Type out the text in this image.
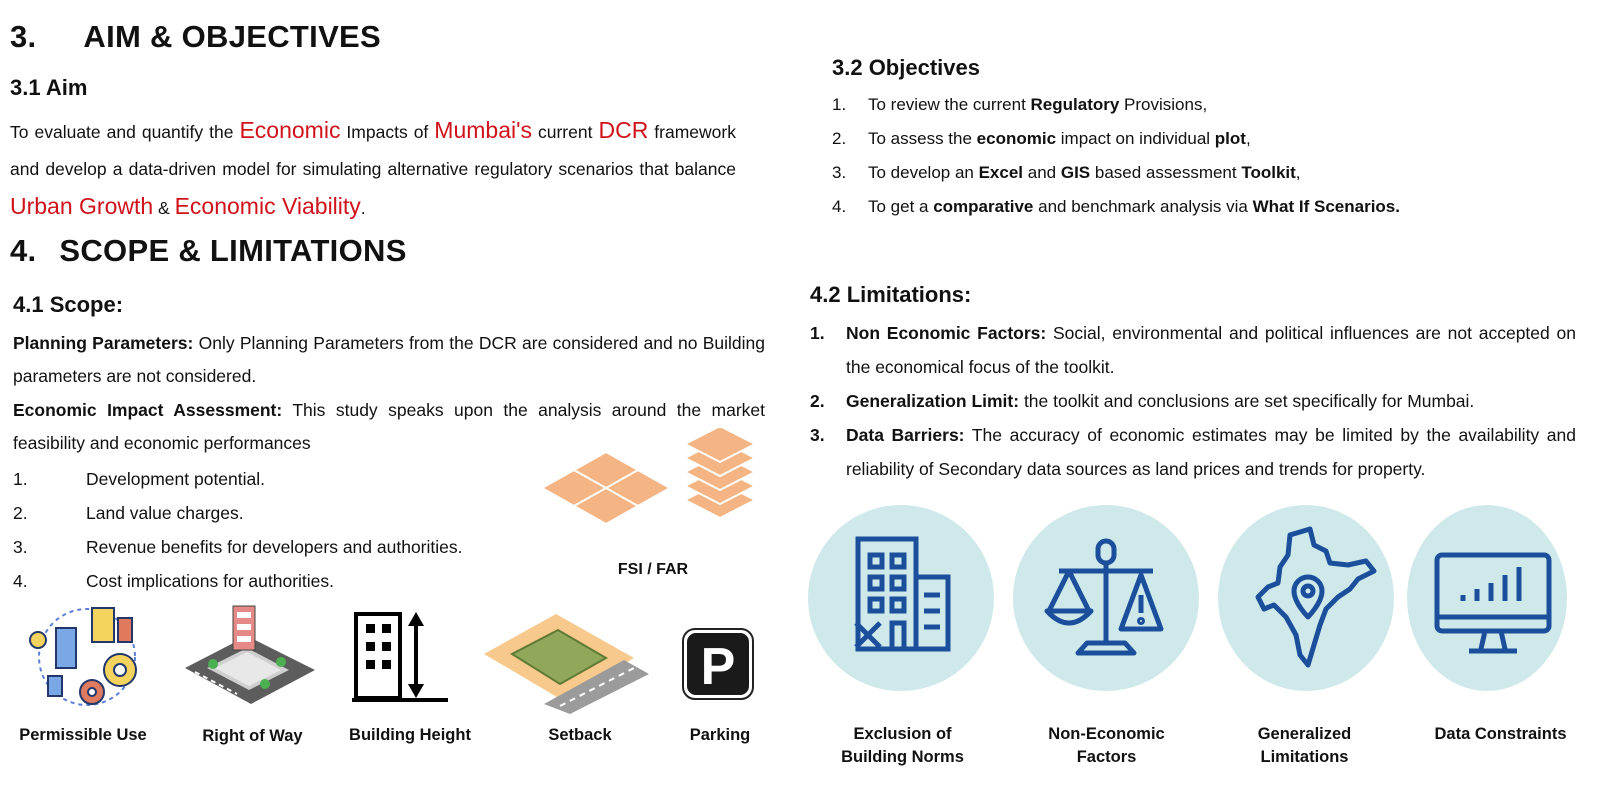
3. AIM & OBJECTIVES
3.1 Aim
To evaluate and quantify the Economic Impacts of Mumbai's current DCR framework and develop a data-driven model for simulating alternative regulatory scenarios that balance Urban Growth & Economic Viability.
3.2 Objectives
1. To review the current Regulatory Provisions,
2. To assess the economic impact on individual plot,
3. To develop an Excel and GIS based assessment Toolkit,
4. To get a comparative and benchmark analysis via What If Scenarios.
4. SCOPE & LIMITATIONS
4.1 Scope:
Planning Parameters: Only Planning Parameters from the DCR are considered and no Building parameters are not considered.
Economic Impact Assessment: This study speaks upon the analysis around the market feasibility and economic performances
1.	Development potential.
2.	Land value charges.
3.	Revenue benefits for developers and authorities.
4.	Cost implications for authorities.
FSI / FAR
Permissible Use	Right of Way	Building Height	Setback
P
Parking
4.2 Limitations:
1.	Non Economic Factors: Social, environmental and political influences are not accepted on the economical focus of the toolkit.
2.	Generalization Limit: the toolkit and conclusions are set specifically for Mumbai.
3.	Data Barriers: The accuracy of economic estimates may be limited by the availability and reliability of Secondary data sources as land prices and trends for property.
Exclusion of
Building Norms
Non-Economic
Factors
Generalized
Limitations
Data Constraints
